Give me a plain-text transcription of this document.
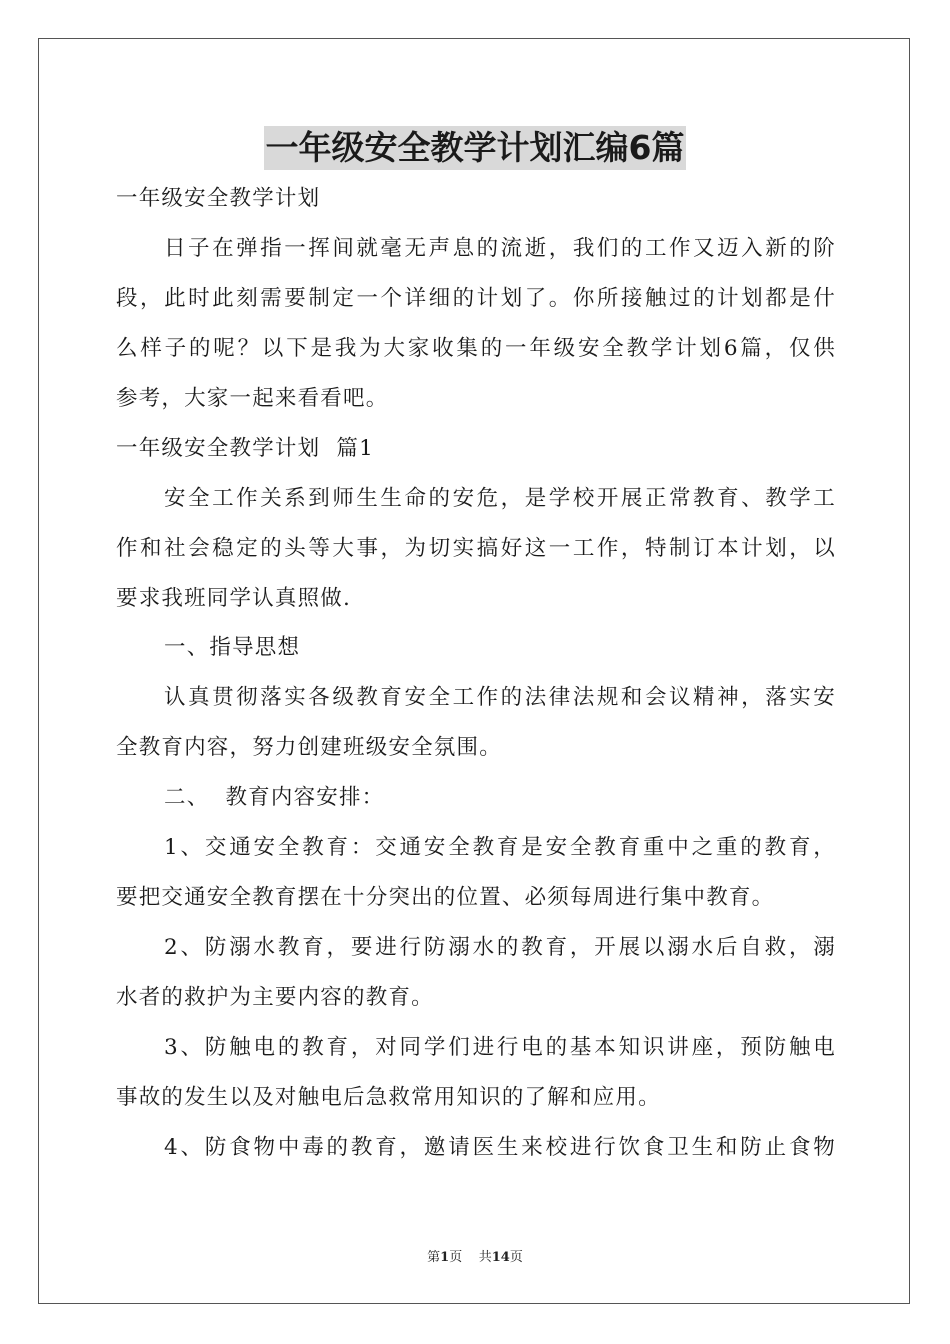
一年级安全教学计划汇编6篇
一年级安全教学计划
日子在弹指一挥间就毫无声息的流逝，我们的工作又迈入新的阶
段，此时此刻需要制定一个详细的计划了。你所接触过的计划都是什
么样子的呢？以下是我为大家收集的一年级安全教学计划6篇，仅供
参考，大家一起来看看吧。
一年级安全教学计划  篇1
安全工作关系到师生生命的安危，是学校开展正常教育、教学工
作和社会稳定的头等大事，为切实搞好这一工作，特制订本计划，以
要求我班同学认真照做.
一、指导思想
认真贯彻落实各级教育安全工作的法律法规和会议精神，落实安
全教育内容，努力创建班级安全氛围。
二、  教育内容安排：
1、交通安全教育：交通安全教育是安全教育重中之重的教育，
要把交通安全教育摆在十分突出的位置、必须每周进行集中教育。
2、防溺水教育，要进行防溺水的教育，开展以溺水后自救，溺
水者的救护为主要内容的教育。
3、防触电的教育，对同学们进行电的基本知识讲座，预防触电
事故的发生以及对触电后急救常用知识的了解和应用。
4、防食物中毒的教育，邀请医生来校进行饮食卫生和防止食物
第1页 共14页
